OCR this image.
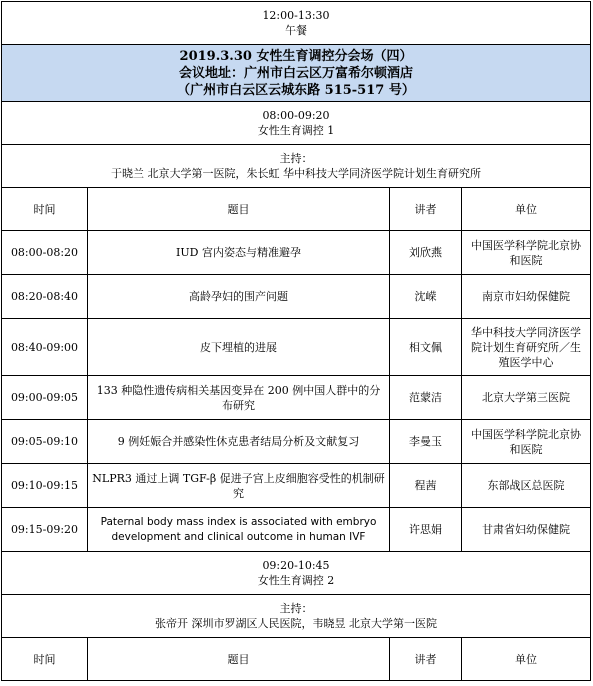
12:00-13:30
午餐			

2019.3.30 女性生育调控分会场（四）
会议地址：广州市白云区万富希尔顿酒店
（广州市白云区云城东路 515-517 号）			

08:00-09:20
女性生育调控 1			

主持：
于晓兰 北京大学第一医院，朱长虹 华中科技大学同济医学院计划生育研究所			

时间	题目	讲者	单位
08:00-08:20	IUD 宫内姿态与精准避孕	刘欣燕	中国医学科学院北京协和医院
08:20-08:40	高龄孕妇的围产问题	沈嵘	南京市妇幼保健院
08:40-09:00	皮下埋植的进展	相文佩	华中科技大学同济医学院计划生育研究所／生殖医学中心
09:00-09:05	133 种隐性遗传病相关基因变异在 200 例中国人群中的分布研究	范蒙洁	北京大学第三医院
09:05-09:10	9 例妊娠合并感染性休克患者结局分析及文献复习	李曼玉	中国医学科学院北京协和医院
09:10-09:15	NLPR3 通过上调 TGF-β 促进子宫上皮细胞容受性的机制研究	程茜	东部战区总医院
09:15-09:20	Paternal body mass index is associated with embryo development and clinical outcome in human IVF	许思娟	甘肃省妇幼保健院

09:20-10:45
女性生育调控 2			

主持：
张帝开 深圳市罗湖区人民医院，韦晓昱 北京大学第一医院			

时间	题目	讲者	单位
